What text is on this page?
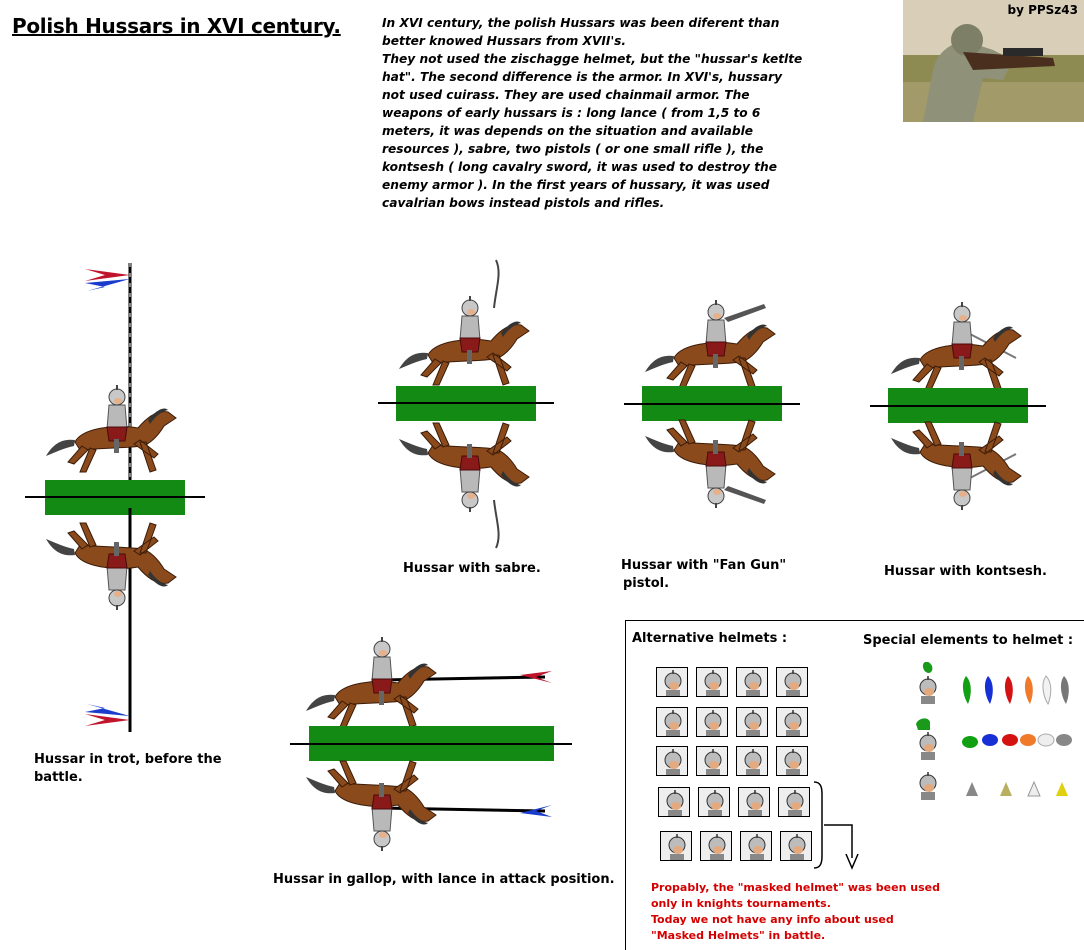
Polish Hussars in XVI century.	In XVI century, the polish Hussars was been diferent than
better knowed Hussars from XVII's.
They not used the zischagge helmet, but the "hussar's ketlte
hat". The second difference is the armor. In XVI's, hussary
not used cuirass. They are used chainmail armor. The
weapons of early hussars is : long lance ( from 1,5 to 6
meters, it was depends on the situation and available
resources ), sabre, two pistols ( or one small rifle ), the
kontsesh ( long cavalry sword, it was used to destroy the
enemy armor ). In the first years of hussary, it was used
cavalrian bows instead pistols and rifles.
by PPSz43
Hussar in trot, before the
battle.
Hussar with sabre.	Hussar with "Fan Gun"
pistol.
Hussar with kontsesh.
Hussar in gallop, with lance in attack position.
Alternative helmets :	Special elements to helmet :
Propably, the "masked helmet" was been used
only in knights tournaments.
Today we not have any info about used
"Masked Helmets" in battle.
